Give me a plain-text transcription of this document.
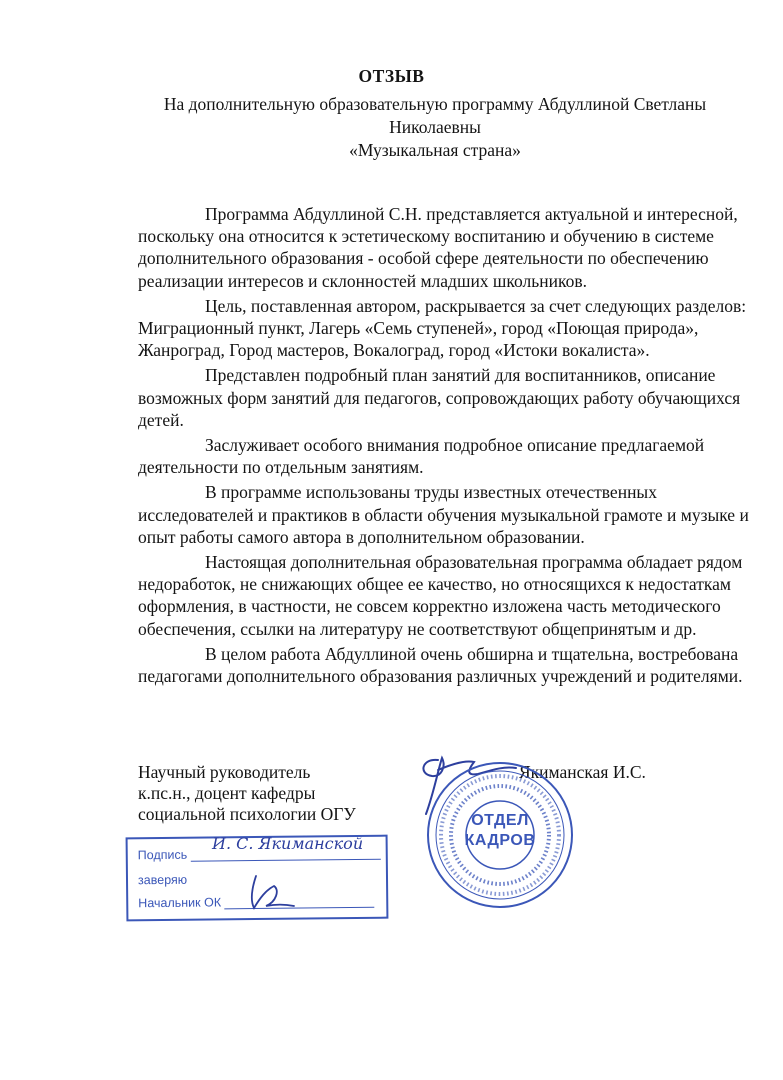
ОТЗЫВ
На дополнительную образовательную программу Абдуллиной Светланы Николаевны
«Музыкальная страна»

Программа Абдуллиной С.Н. представляется актуальной и интересной, поскольку она относится к эстетическому воспитанию и обучению в системе дополнительного образования - особой сфере деятельности по обеспечению реализации интересов и склонностей младших школьников.

Цель, поставленная автором, раскрывается за счет следующих разделов: Миграционный пункт, Лагерь «Семь ступеней», город «Поющая природа», Жанроград, Город мастеров, Вокалоград, город «Истоки вокалиста».

Представлен подробный план занятий для воспитанников, описание возможных форм занятий для педагогов, сопровождающих работу обучающихся детей.

Заслуживает особого внимания подробное описание предлагаемой деятельности по отдельным занятиям.

В программе использованы труды известных отечественных исследователей и практиков в области обучения музыкальной грамоте и музыке и опыт работы самого автора в дополнительном образовании.

Настоящая дополнительная образовательная программа обладает рядом недоработок, не снижающих общее ее качество, но относящихся к недостаткам оформления, в частности, не совсем корректно изложена часть методического обеспечения, ссылки на литературу не соответствуют общепринятым и др.

В целом работа Абдуллиной очень обширна и тщательна, востребована педагогами дополнительного образования различных учреждений и родителями.

Научный руководитель
к.пс.н., доцент кафедры
социальной психологии ОГУ
Якиманская И.С.
ОТДЕЛ
КАДРОВ
Подпись
заверяю
Начальник ОК
И. С. Якиманской
